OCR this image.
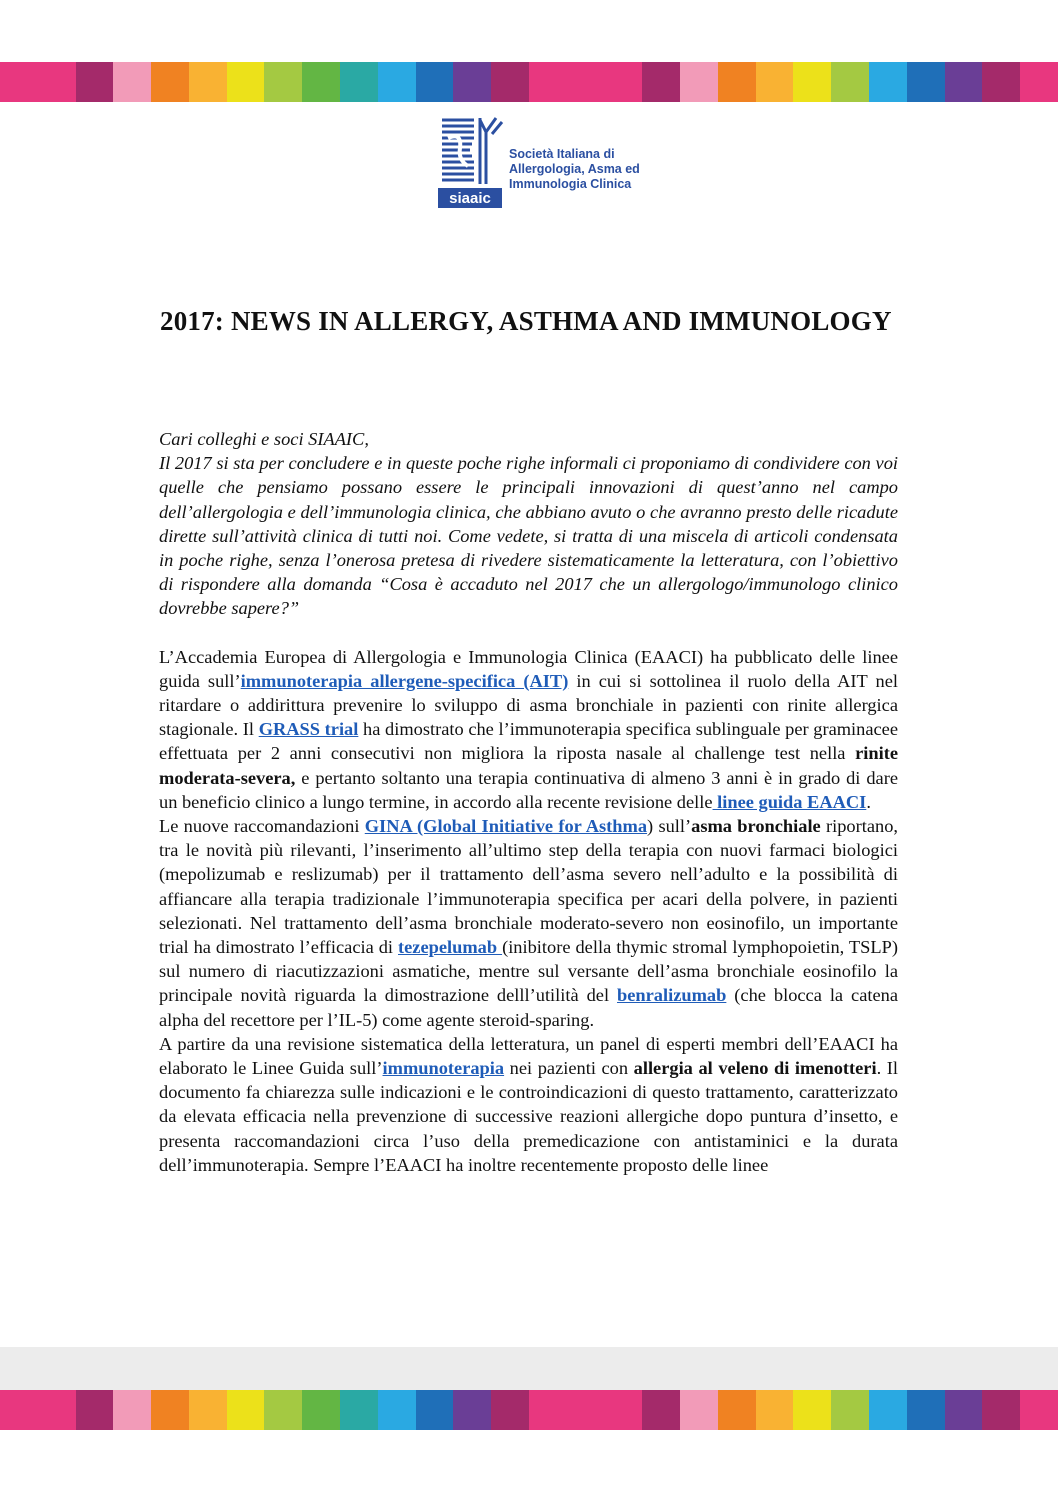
siaaic
Società Italiana di
Allergologia, Asma ed
Immunologia Clinica
2017: NEWS IN ALLERGY, ASTHMA AND IMMUNOLOGY

Cari colleghi e soci SIAAIC,

Il 2017 si sta per concludere e in queste poche righe informali ci proponiamo di condividere con voi quelle che pensiamo possano essere le principali innovazioni di quest’anno nel campo dell’allergologia e dell’immunologia clinica, che abbiano avuto o che avranno presto delle ricadute dirette sull’attività clinica di tutti noi. Come vedete, si tratta di una miscela di articoli condensata in poche righe, senza l’onerosa pretesa di rivedere sistematicamente la letteratura, con l’obiettivo di rispondere alla domanda “Cosa è accaduto nel 2017 che un allergologo/immunologo clinico dovrebbe sapere?”

L’Accademia Europea di Allergologia e Immunologia Clinica (EAACI) ha pubblicato delle linee guida sull’immunoterapia allergene-specifica (AIT) in cui si sottolinea il ruolo della AIT nel ritardare o addirittura prevenire lo sviluppo di asma bronchiale in pazienti con rinite allergica stagionale. Il GRASS trial ha dimostrato che l’immunoterapia specifica sublinguale per graminacee effettuata per 2 anni consecutivi non migliora la riposta nasale al challenge test nella rinite moderata-severa, e pertanto soltanto una terapia continuativa di almeno 3 anni è in grado di dare un beneficio clinico a lungo termine, in accordo alla recente revisione delle linee guida EAACI.

Le nuove raccomandazioni GINA (Global Initiative for Asthma) sull’asma bronchiale riportano, tra le novità più rilevanti, l’inserimento all’ultimo step della terapia con nuovi farmaci biologici (mepolizumab e reslizumab) per il trattamento dell’asma severo nell’adulto e la possibilità di affiancare alla terapia tradizionale l’immunoterapia specifica per acari della polvere, in pazienti selezionati. Nel trattamento dell’asma bronchiale moderato-severo non eosinofilo, un importante trial ha dimostrato l’efficacia di tezepelumab (inibitore della thymic stromal lymphopoietin, TSLP) sul numero di riacutizzazioni asmatiche, mentre sul versante dell’asma bronchiale eosinofilo la principale novità riguarda la dimostrazione delll’utilità del benralizumab (che blocca la catena alpha del recettore per l’IL-5) come agente steroid-sparing.

A partire da una revisione sistematica della letteratura, un panel di esperti membri dell’EAACI ha elaborato le Linee Guida sull’immunoterapia nei pazienti con allergia al veleno di imenotteri. Il documento fa chiarezza sulle indicazioni e le controindicazioni di questo trattamento, caratterizzato da elevata efficacia nella prevenzione di successive reazioni allergiche dopo puntura d’insetto, e presenta raccomandazioni circa l’uso della premedicazione con antistaminici e la durata dell’immunoterapia. Sempre l’EAACI ha inoltre recentemente proposto delle linee
